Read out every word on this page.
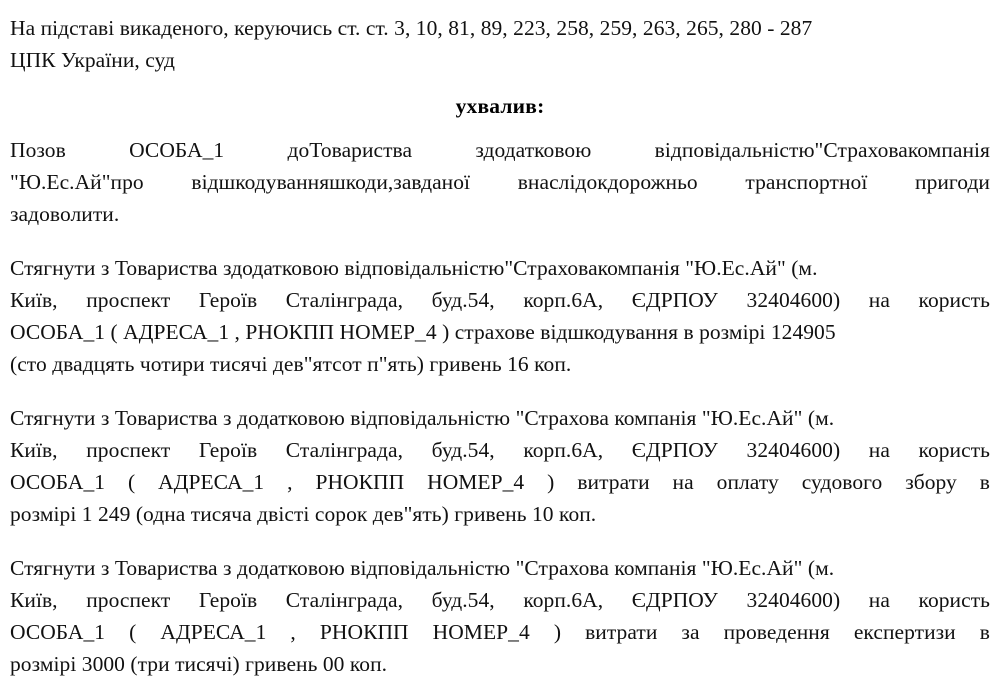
На підставі викаденого, керуючись ст. ст. 3, 10, 81, 89, 223, 258, 259, 263, 265, 280 - 287
ЦПК України, суд
ухвалив:
Позов ОСОБА_1 доТовариства здодатковою відповідальністю"Страховакомпанія
"Ю.Ес.Ай"про відшкодуванняшкоди,завданої внаслідокдорожньо транспортної пригоди
задоволити.
Стягнути з Товариства здодатковою відповідальністю"Страховакомпанія "Ю.Ес.Ай" (м.
Київ, проспект Героїв Сталінграда, буд.54, корп.6А, ЄДРПОУ 32404600) на користь
ОСОБА_1 ( АДРЕСА_1 , РНОКПП НОМЕР_4 ) страхове відшкодування в розмірі 124905
(сто двадцять чотири тисячі дев"ятсот п"ять) гривень 16 коп.
Стягнути з Товариства з додатковою відповідальністю "Страхова компанія "Ю.Ес.Ай" (м.
Київ, проспект Героїв Сталінграда, буд.54, корп.6А, ЄДРПОУ 32404600) на користь
ОСОБА_1 ( АДРЕСА_1 , РНОКПП НОМЕР_4 ) витрати на оплату судового збору в
розмірі 1 249 (одна тисяча двісті сорок дев"ять) гривень 10 коп.
Стягнути з Товариства з додатковою відповідальністю "Страхова компанія "Ю.Ес.Ай" (м.
Київ, проспект Героїв Сталінграда, буд.54, корп.6А, ЄДРПОУ 32404600) на користь
ОСОБА_1 ( АДРЕСА_1 , РНОКПП НОМЕР_4 ) витрати за проведення експертизи в
розмірі 3000 (три тисячі) гривень 00 коп.
